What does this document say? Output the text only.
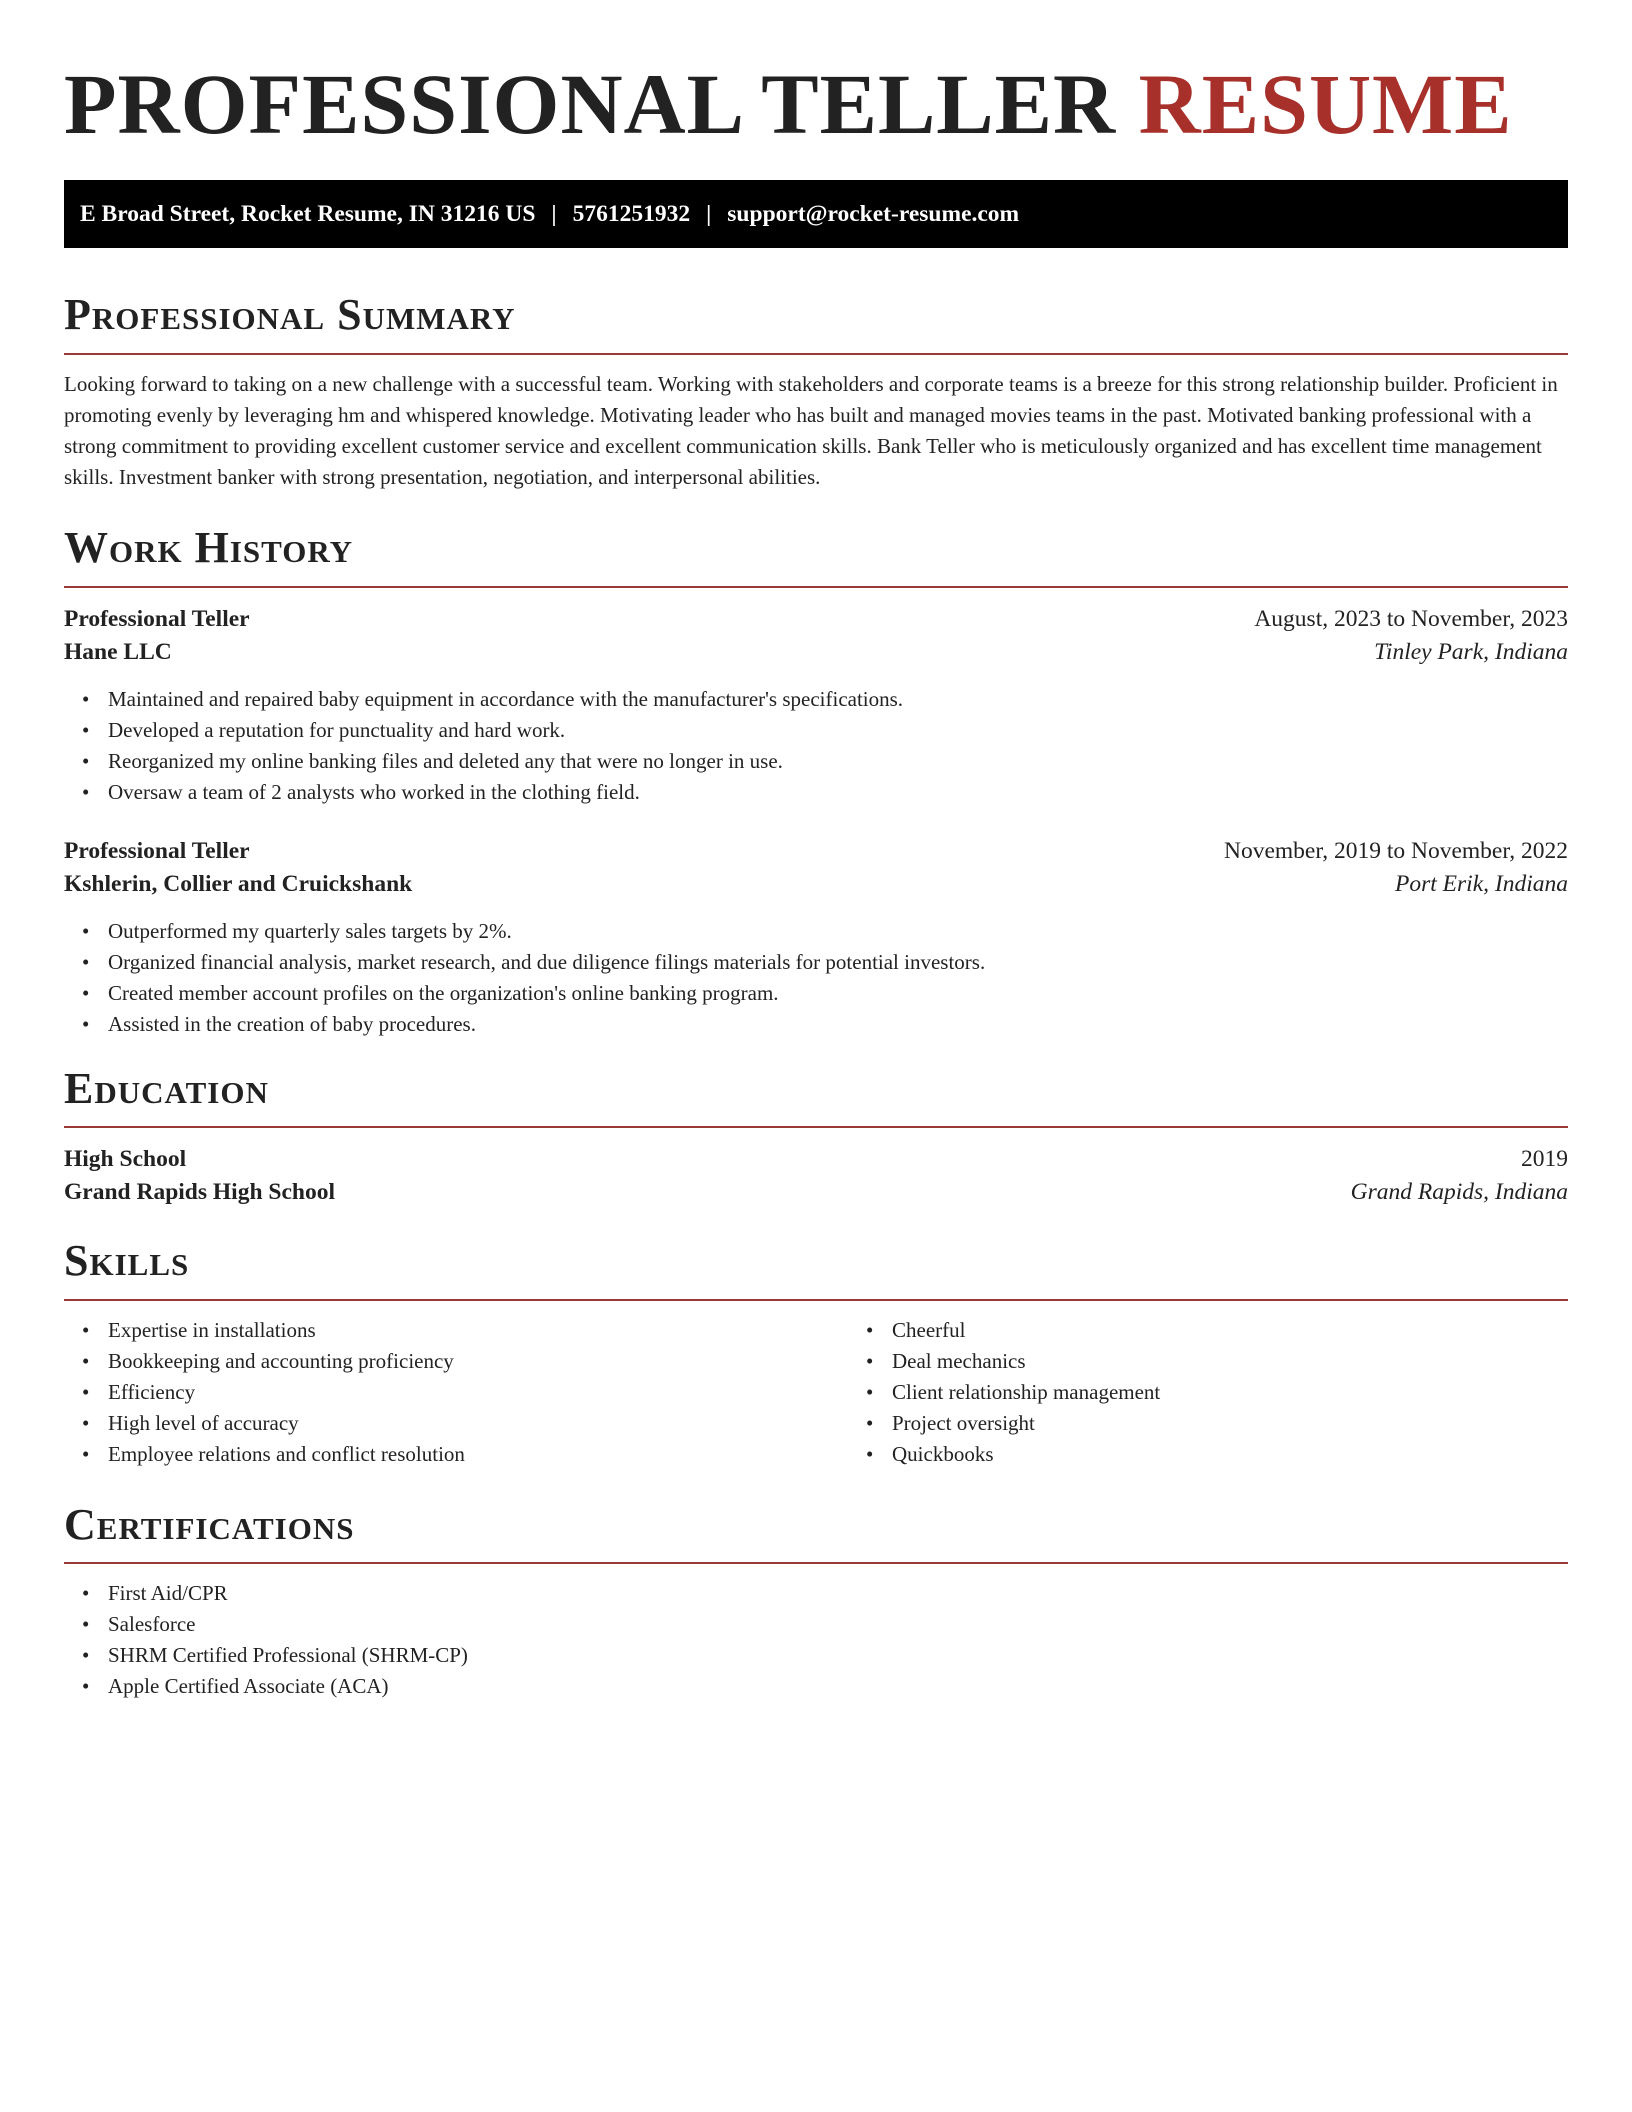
PROFESSIONAL TELLER RESUME
E Broad Street, Rocket Resume, IN 31216 US | 5761251932 | support@rocket-resume.com
Professional Summary

Looking forward to taking on a new challenge with a successful team. Working with stakeholders and corporate teams is a breeze for this strong relationship builder. Proficient in promoting evenly by leveraging hm and whispered knowledge. Motivating leader who has built and managed movies teams in the past. Motivated banking professional with a strong commitment to providing excellent customer service and excellent communication skills. Bank Teller who is meticulously organized and has excellent time management skills. Investment banker with strong presentation, negotiation, and interpersonal abilities.

Work History
Professional Teller	August, 2023 to November, 2023
Hane LLC	Tinley Park, Indiana
• Maintained and repaired baby equipment in accordance with the manufacturer's specifications.
• Developed a reputation for punctuality and hard work.
• Reorganized my online banking files and deleted any that were no longer in use.
• Oversaw a team of 2 analysts who worked in the clothing field.
Professional Teller	November, 2019 to November, 2022
Kshlerin, Collier and Cruickshank	Port Erik, Indiana
• Outperformed my quarterly sales targets by 2%.
• Organized financial analysis, market research, and due diligence filings materials for potential investors.
• Created member account profiles on the organization's online banking program.
• Assisted in the creation of baby procedures.
Education
High School	2019
Grand Rapids High School	Grand Rapids, Indiana
Skills
• Expertise in installations
• Bookkeeping and accounting proficiency
• Efficiency
• High level of accuracy
• Employee relations and conflict resolution
• Cheerful
• Deal mechanics
• Client relationship management
• Project oversight
• Quickbooks
Certifications
• First Aid/CPR
• Salesforce
• SHRM Certified Professional (SHRM-CP)
• Apple Certified Associate (ACA)
